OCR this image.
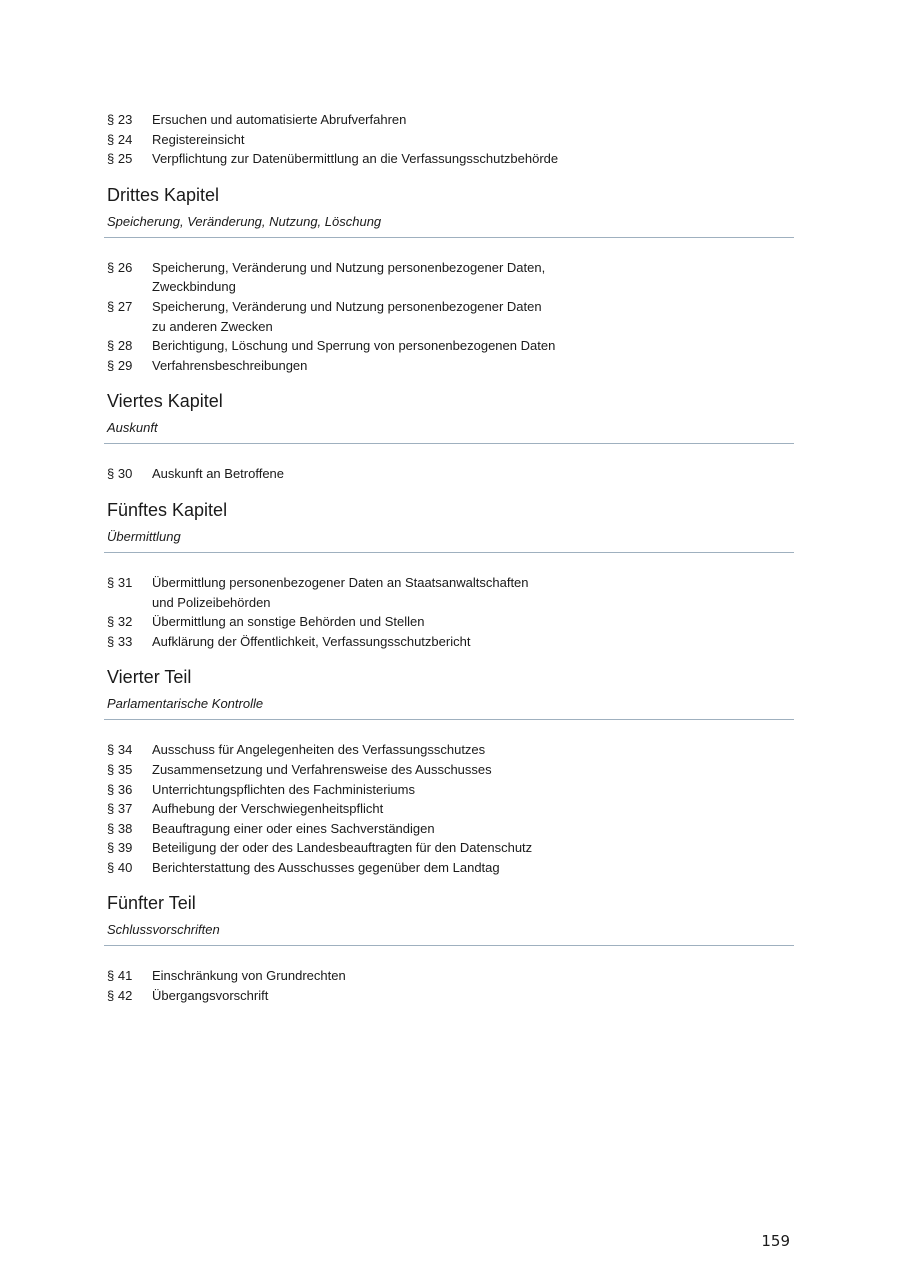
§ 23	Ersuchen und automatisierte Abrufverfahren
§ 24	Registereinsicht
§ 25	Verpflichtung zur Datenübermittlung an die Verfassungsschutzbehörde
Drittes Kapitel
Speicherung, Veränderung, Nutzung, Löschung
§ 26	Speicherung, Veränderung und Nutzung personenbezogener Daten,
Zweckbindung
§ 27	Speicherung, Veränderung und Nutzung personenbezogener Daten
zu anderen Zwecken
§ 28	Berichtigung, Löschung und Sperrung von personenbezogenen Daten
§ 29	Verfahrensbeschreibungen
Viertes Kapitel
Auskunft
§ 30	Auskunft an Betroffene
Fünftes Kapitel
Übermittlung
§ 31	Übermittlung personenbezogener Daten an Staatsanwaltschaften
und Polizeibehörden
§ 32	Übermittlung an sonstige Behörden und Stellen
§ 33	Aufklärung der Öffentlichkeit, Verfassungsschutzbericht
Vierter Teil
Parlamentarische Kontrolle
§ 34	Ausschuss für Angelegenheiten des Verfassungsschutzes
§ 35	Zusammensetzung und Verfahrensweise des Ausschusses
§ 36	Unterrichtungspflichten des Fachministeriums
§ 37	Aufhebung der Verschwiegenheitspflicht
§ 38	Beauftragung einer oder eines Sachverständigen
§ 39	Beteiligung der oder des Landesbeauftragten für den Datenschutz
§ 40	Berichterstattung des Ausschusses gegenüber dem Landtag
Fünfter Teil
Schlussvorschriften
§ 41	Einschränkung von Grundrechten
§ 42	Übergangsvorschrift
159
